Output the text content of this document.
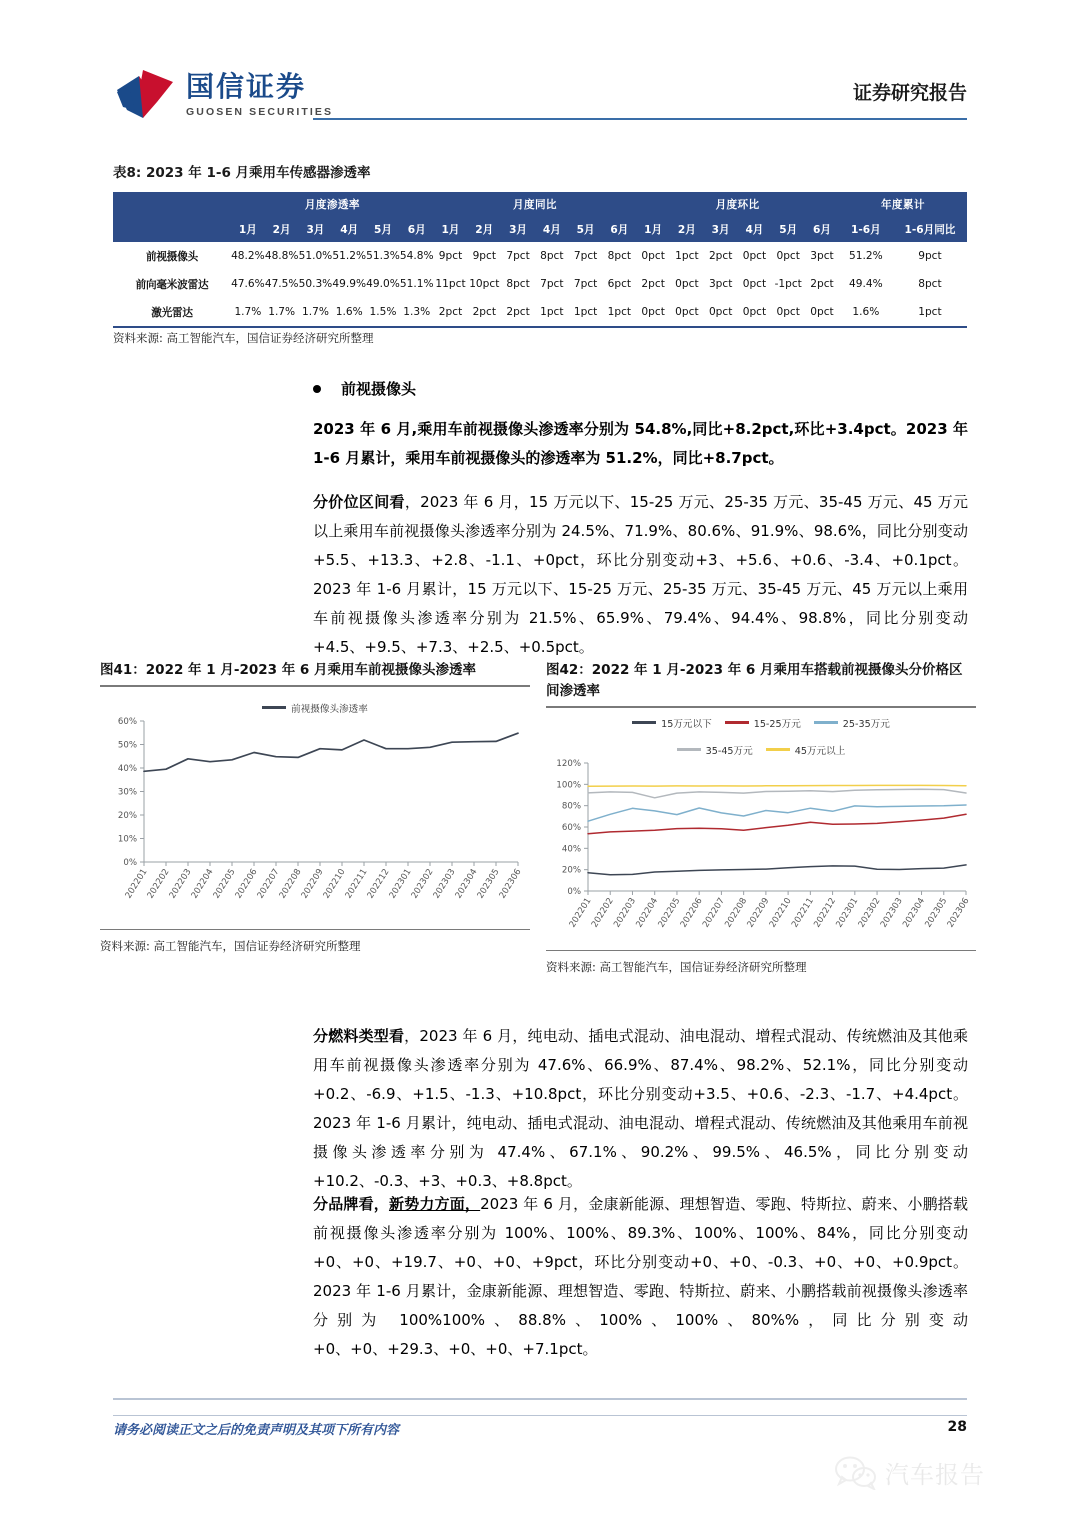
国信证券
GUOSEN SECURITIES
证券研究报告
表8: 2023 年 1-6 月乘用车传感器渗透率
	月度渗透率						月度同比						月度环比						年度累计	
	1月	2月	3月	4月	5月	6月	1月	2月	3月	4月	5月	6月	1月	2月	3月	4月	5月	6月	1-6月	1-6月同比
前视摄像头	48.2%	48.8%	51.0%	51.2%	51.3%	54.8%	9pct	9pct	7pct	8pct	7pct	8pct	0pct	1pct	2pct	0pct	0pct	3pct	51.2%	9pct
前向毫米波雷达	47.6%	47.5%	50.3%	49.9%	49.0%	51.1%	11pct	10pct	8pct	7pct	7pct	6pct	2pct	0pct	3pct	0pct	-1pct	2pct	49.4%	8pct
激光雷达	1.7%	1.7%	1.7%	1.6%	1.5%	1.3%	2pct	2pct	2pct	1pct	1pct	1pct	0pct	0pct	0pct	0pct	0pct	0pct	1.6%	1pct
资料来源: 高工智能汽车，国信证券经济研究所整理
前视摄像头
2023 年 6 月,乘用车前视摄像头渗透率分别为 54.8%,同比+8.2pct,环比+3.4pct。2023 年 1-6 月累计，乘用车前视摄像头的渗透率为 51.2%，同比+8.7pct。
分价位区间看，2023 年 6 月，15 万元以下、15-25 万元、25-35 万元、35-45 万元、45 万元以上乘用车前视摄像头渗透率分别为 24.5%、71.9%、80.6%、91.9%、98.6%，同比分别变动+5.5、+13.3、+2.8、-1.1、+0pct，环比分别变动+3、+5.6、+0.6、-3.4、+0.1pct。2023 年 1-6 月累计，15 万元以下、15-25 万元、25-35 万元、35-45 万元、45 万元以上乘用车前视摄像头渗透率分别为 21.5%、65.9%、79.4%、94.4%、98.8%，同比分别变动+4.5、+9.5、+7.3、+2.5、+0.5pct。
分燃料类型看，2023 年 6 月，纯电动、插电式混动、油电混动、增程式混动、传统燃油及其他乘用车前视摄像头渗透率分别为 47.6%、66.9%、87.4%、98.2%、52.1%，同比分别变动+0.2、-6.9、+1.5、-1.3、+10.8pct，环比分别变动+3.5、+0.6、-2.3、-1.7、+4.4pct。2023 年 1-6 月累计，纯电动、插电式混动、油电混动、增程式混动、传统燃油及其他乘用车前视摄像头渗透率分别为 47.4%、67.1%、90.2%、99.5%、46.5%，同比分别变动+10.2、-0.3、+3、+0.3、+8.8pct。
分品牌看，新势力方面，2023 年 6 月，金康新能源、理想智造、零跑、特斯拉、蔚来、小鹏搭载前视摄像头渗透率分别为 100%、100%、89.3%、100%、100%、84%，同比分别变动+0、+0、+19.7、+0、+0、+9pct，环比分别变动+0、+0、-0.3、+0、+0、+0.9pct。2023 年 1-6 月累计，金康新能源、理想智造、零跑、特斯拉、蔚来、小鹏搭载前视摄像头渗透率分别为 100%100%、88.8%、100%、100%、80%%，同比分别变动+0、+0、+29.3、+0、+0、+7.1pct。
图41：2022 年 1 月-2023 年 6 月乘用车前视摄像头渗透率
前视摄像头渗透率
0%
10%
20%
30%
40%
50%
60%
202201
202202
202203
202204
202205
202206
202207
202208
202209
202210
202211
202212
202301
202302
202303
202304
202305
202306
资料来源: 高工智能汽车，国信证券经济研究所整理
图42：2022 年 1 月-2023 年 6 月乘用车搭载前视摄像头分价格区间渗透率
15万元以下	15-25万元	25-35万元
35-45万元	45万元以上
0%
20%
40%
60%
80%
100%
120%
202201
202202
202203
202204
202205
202206
202207
202208
202209
202210
202211
202212
202301
202302
202303
202304
202305
202306
资料来源: 高工智能汽车，国信证券经济研究所整理
请务必阅读正文之后的免责声明及其项下所有内容	28
汽车报告
